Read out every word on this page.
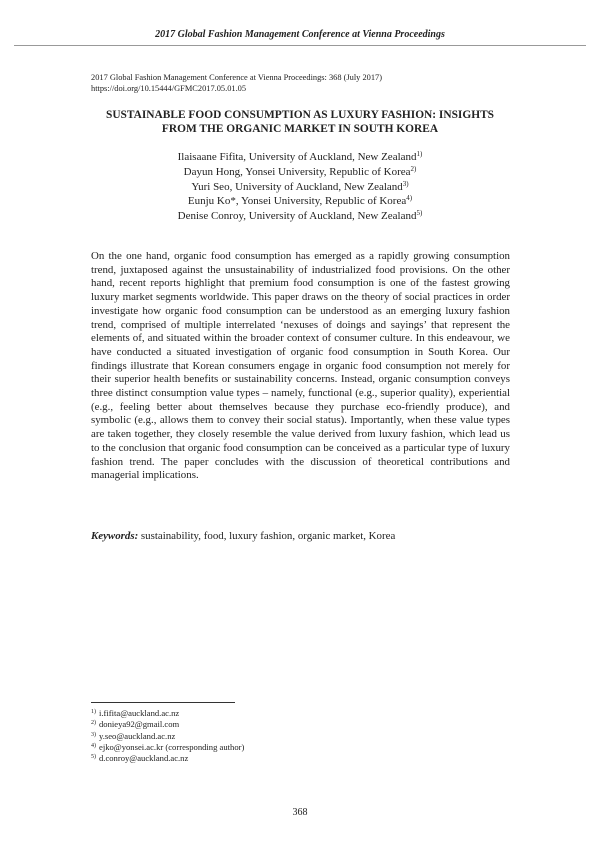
2017 Global Fashion Management Conference at Vienna Proceedings
2017 Global Fashion Management Conference at Vienna Proceedings: 368 (July 2017)
https://doi.org/10.15444/GFMC2017.05.01.05
SUSTAINABLE FOOD CONSUMPTION AS LUXURY FASHION: INSIGHTS
FROM THE ORGANIC MARKET IN SOUTH KOREA
Ilaisaane Fifita, University of Auckland, New Zealand$^{1)}$
Dayun Hong, Yonsei University, Republic of Korea$^{2)}$
Yuri Seo, University of Auckland, New Zealand$^{3)}$
Eunju Ko*, Yonsei University, Republic of Korea$^{4)}$
Denise Conroy, University of Auckland, New Zealand$^{5)}$

On the one hand, organic food consumption has emerged as a rapidly growing consumption trend, juxtaposed against the unsustainability of industrialized food provisions. On the other hand, recent reports highlight that premium food consumption is one of the fastest growing luxury market segments worldwide. This paper draws on the theory of social practices in order investigate how organic food consumption can be understood as an emerging luxury fashion trend, comprised of multiple interrelated ‘nexuses of doings and sayings’ that represent the elements of, and situated within the broader context of consumer culture. In this endeavour, we have conducted a situated investigation of organic food consumption in South Korea. Our findings illustrate that Korean consumers engage in organic food consumption not merely for their superior health benefits or sustainability concerns. Instead, organic consumption conveys three distinct consumption value types – namely, functional (e.g., superior quality), experiential (e.g., feeling better about themselves because they purchase eco-friendly produce), and symbolic (e.g., allows them to convey their social status). Importantly, when these value types are taken together, they closely resemble the value derived from luxury fashion, which lead us to the conclusion that organic food consumption can be conceived as a particular type of luxury fashion trend. The paper concludes with the discussion of theoretical contributions and managerial implications.

Keywords: sustainability, food, luxury fashion, organic market, Korea
$^{1)}$ i.fifita@auckland.ac.nz
$^{2)}$ donieya92@gmail.com
$^{3)}$ y.seo@auckland.ac.nz
$^{4)}$ ejko@yonsei.ac.kr (corresponding author)
$^{5)}$ d.conroy@auckland.ac.nz
368
